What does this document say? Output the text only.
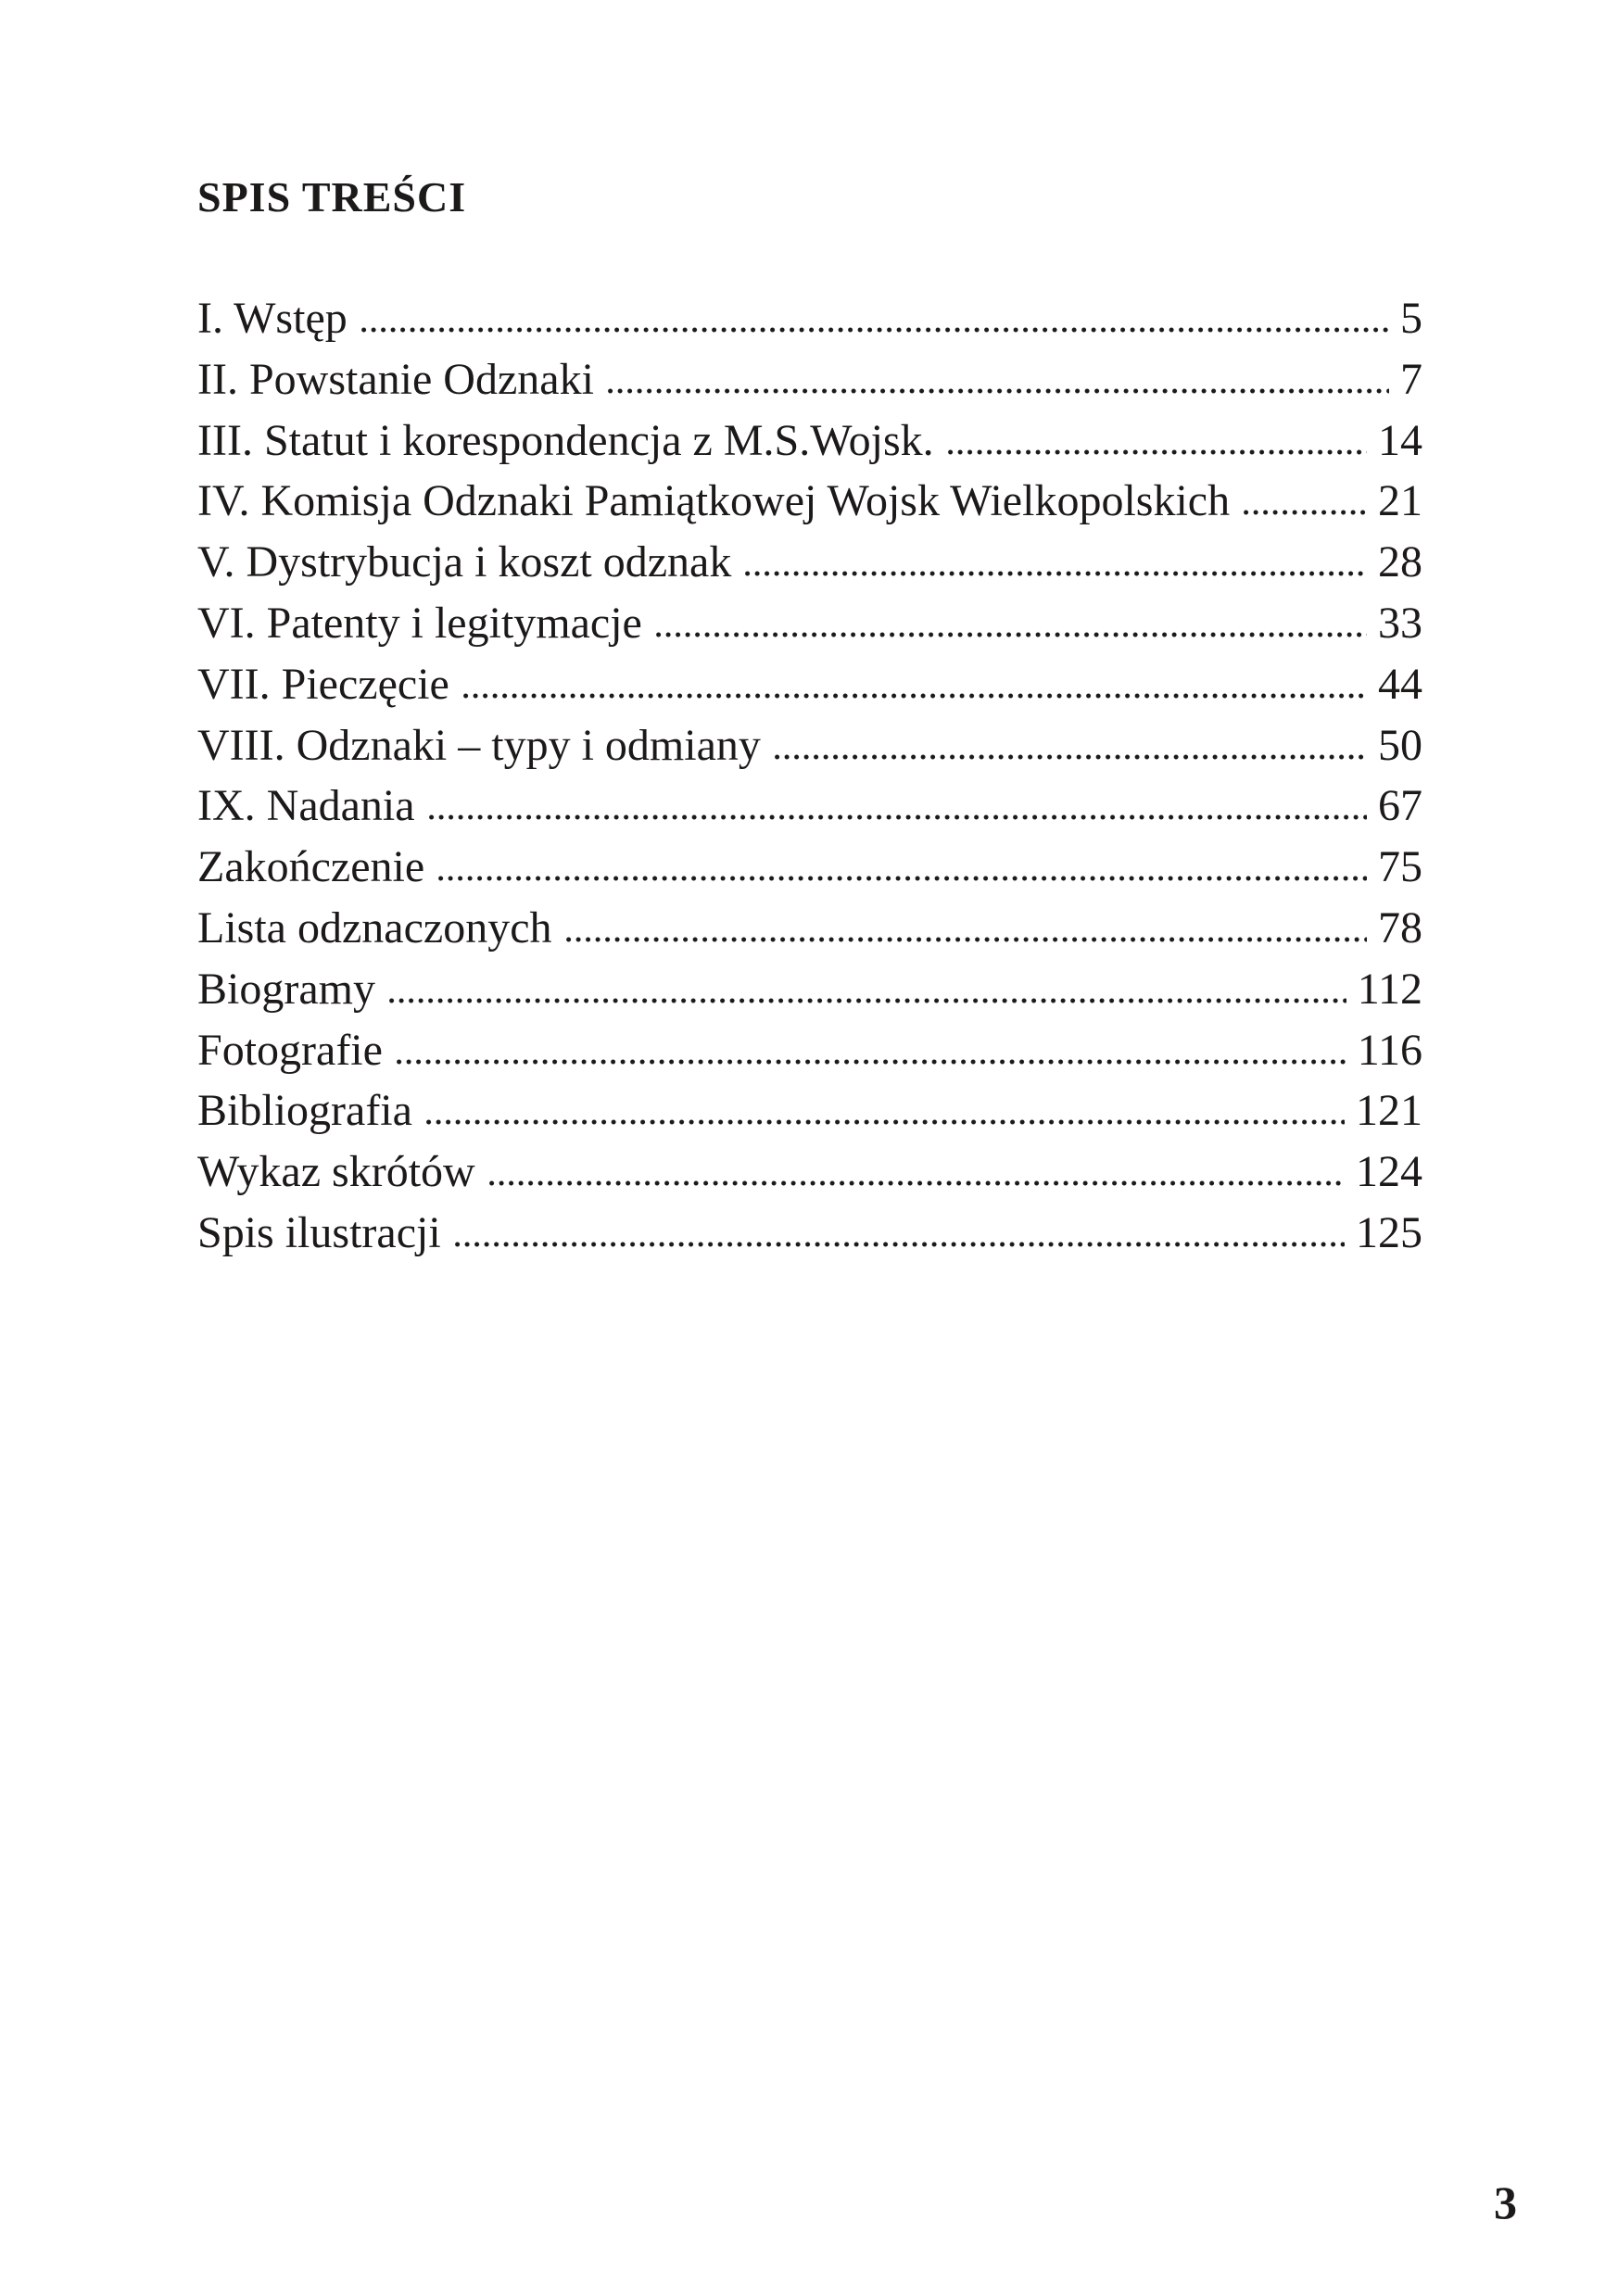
SPIS TREŚCI
I. Wstęp	5
II. Powstanie Odznaki	7
III. Statut i korespondencja z M.S.Wojsk.	14
IV. Komisja Odznaki Pamiątkowej Wojsk Wielkopolskich	21
V. Dystrybucja i koszt odznak	28
VI. Patenty i legitymacje	33
VII. Pieczęcie	44
VIII. Odznaki – typy i odmiany	50
IX. Nadania	67
Zakończenie	75
Lista odznaczonych	78
Biogramy	112
Fotografie	116
Bibliografia	121
Wykaz skrótów	124
Spis ilustracji	125
3
